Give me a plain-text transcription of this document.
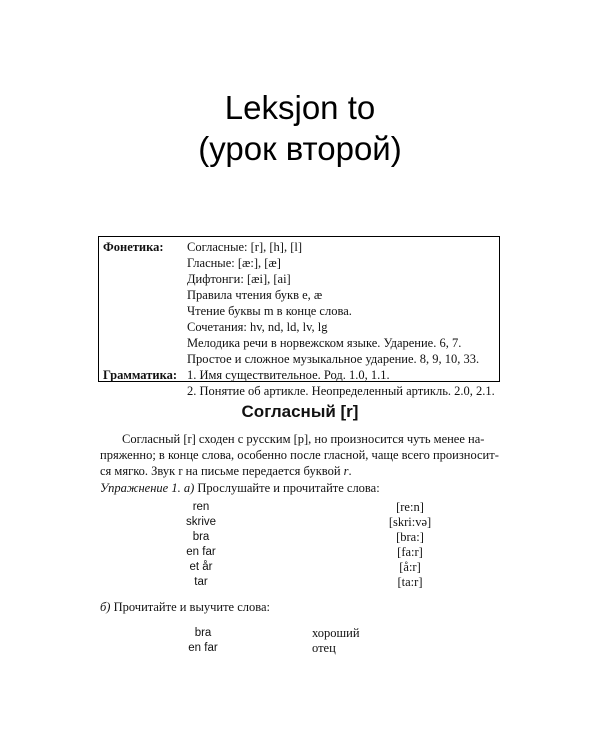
Leksjon to
(урок второй)
Фонетика: Согласные: [r], [h], [l]
Гласные: [æ:], [æ]
Дифтонги: [æi], [ai]
Правила чтения букв e, æ
Чтение буквы m в конце слова.
Сочетания: hv, nd, ld, lv, lg
Мелодика речи в норвежском языке. Ударение. 6, 7.
Простое и сложное музыкальное ударение. 8, 9, 10, 33.
Грамматика: 1. Имя существительное. Род. 1.0, 1.1.
2. Понятие об артикле. Неопределенный артикль. 2.0, 2.1.
Согласный [r]
Согласный [r] сходен с русским [р], но произносится чуть менее на-
пряженно; в конце слова, особенно после гласной, чаще всего произносит-
ся мягко. Звук r на письме передается буквой r.
Упражнение 1. а) Прослушайте и прочитайте слова:
ren	[re:n]
skrive	[skri:və]
bra	[bra:]
en far	[fa:r]
et år	[å:r]
tar	[ta:r]
б) Прочитайте и выучите слова:
bra	хороший
en far	отец
